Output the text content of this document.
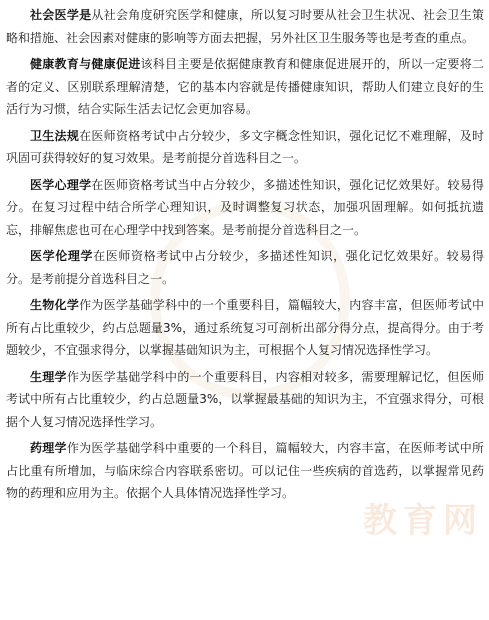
教育网

社会医学是从社会角度研究医学和健康，所以复习时要从社会卫生状况、社会卫生策略和措施、社会因素对健康的影响等方面去把握，另外社区卫生服务等也是考查的重点。

健康教育与健康促进该科目主要是依据健康教育和健康促进展开的，所以一定要将二者的定义、区别联系理解清楚，它的基本内容就是传播健康知识，帮助人们建立良好的生活行为习惯，结合实际生活去记忆会更加容易。

卫生法规在医师资格考试中占分较少，多文字概念性知识，强化记忆不难理解，及时巩固可获得较好的复习效果。是考前提分首选科目之一。

医学心理学在医师资格考试当中占分较少，多描述性知识，强化记忆效果好。较易得分。在复习过程中结合所学心理知识，及时调整复习状态，加强巩固理解。如何抵抗遗忘，排解焦虑也可在心理学中找到答案。是考前提分首选科目之一。

医学伦理学在医师资格考试中占分较少，多描述性知识，强化记忆效果好。较易得分。是考前提分首选科目之一。

生物化学作为医学基础学科中的一个重要科目，篇幅较大，内容丰富，但医师考试中所有占比重较少，约占总题量3%，通过系统复习可剖析出部分得分点，提高得分。由于考题较少，不宜强求得分，以掌握基础知识为主，可根据个人复习情况选择性学习。

生理学作为医学基础学科中的一个重要科目，内容相对较多，需要理解记忆，但医师考试中所有占比重较少，约占总题量3%，以掌握最基础的知识为主，不宜强求得分，可根据个人复习情况选择性学习。

药理学作为医学基础学科中重要的一个科目，篇幅较大，内容丰富，在医师考试中所占比重有所增加，与临床综合内容联系密切。可以记住一些疾病的首选药，以掌握常见药物的药理和应用为主。依据个人具体情况选择性学习。
